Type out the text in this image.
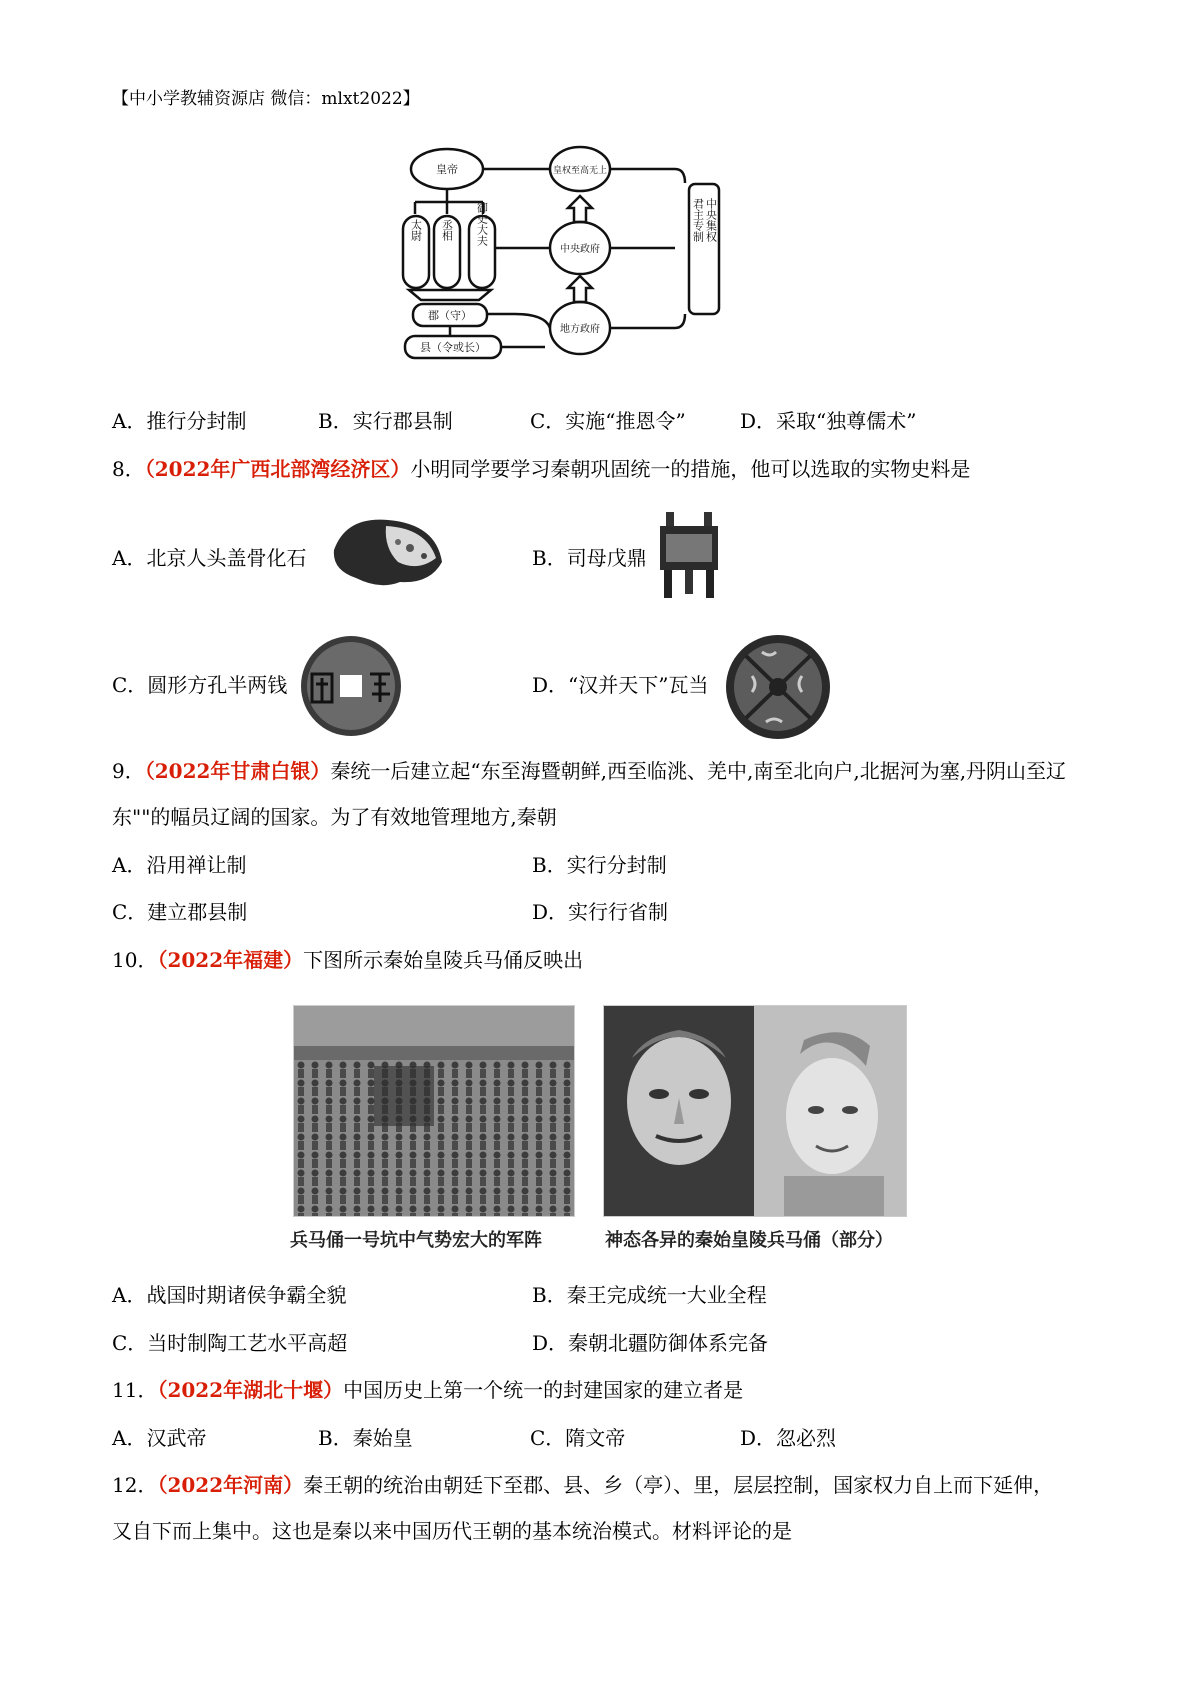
【中小学教辅资源店 微信：mlxt2022】
皇帝
太尉 丞相 御史大夫
郡（守）
县（令或长）
皇权至高无上
中央政府
地方政府
君主专制 中央集权
A．推行分封制	B．实行郡县制	C．实施“推恩令”	D．采取“独尊儒术”
8．（2022年广西北部湾经济区）小明同学要学习秦朝巩固统一的措施，他可以选取的实物史料是
A．北京人头盖骨化石	B．司母戊鼎
C．圆形方孔半两钱	D．“汉并天下”瓦当
9．（2022年甘肃白银）秦统一后建立起“东至海暨朝鲜,西至临洮、羌中,南至北向户,北据河为塞,丹阴山至辽
东""的幅员辽阔的国家。为了有效地管理地方,秦朝
A．沿用禅让制	B．实行分封制
C．建立郡县制	D．实行行省制
10．（2022年福建）下图所示秦始皇陵兵马俑反映出
兵马俑一号坑中气势宏大的军阵	神态各异的秦始皇陵兵马俑（部分）
A．战国时期诸侯争霸全貌	B．秦王完成统一大业全程
C．当时制陶工艺水平高超	D．秦朝北疆防御体系完备
11．（2022年湖北十堰）中国历史上第一个统一的封建国家的建立者是
A．汉武帝	B．秦始皇	C．隋文帝	D．忽必烈
12．（2022年河南）秦王朝的统治由朝廷下至郡、县、乡（亭）、里，层层控制，国家权力自上而下延伸，
又自下而上集中。这也是秦以来中国历代王朝的基本统治模式。材料评论的是
